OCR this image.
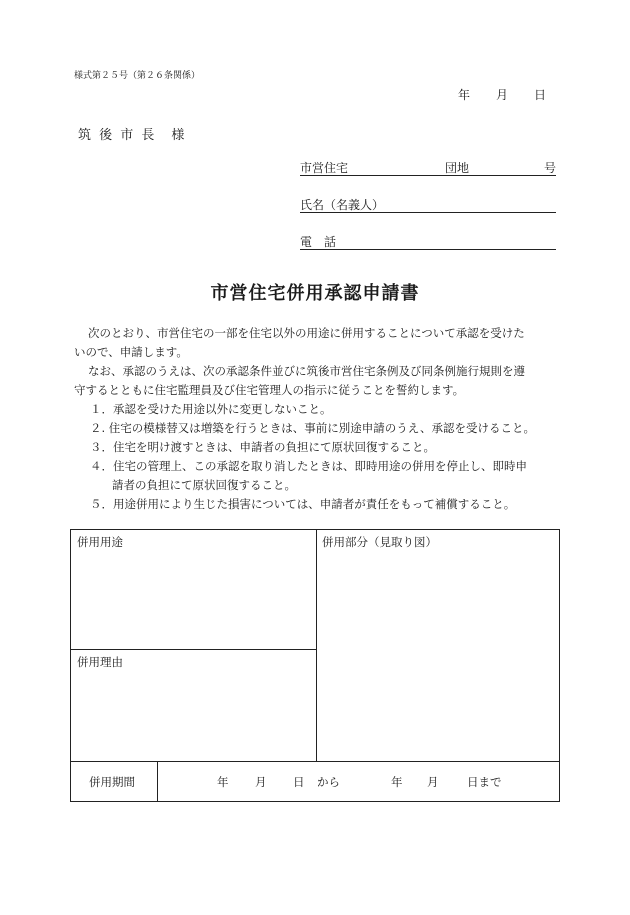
様式第２５号（第２６条関係）
年 月 日
筑 後 市 長　様
市営住宅	団地	号
氏名（名義人）
電　話
市営住宅併用承認申請書
次のとおり、市営住宅の一部を住宅以外の用途に併用することについて承認を受けた
いので、申請します。
なお、承認のうえは、次の承認条件並びに筑後市営住宅条例及び同条例施行規則を遵
守するとともに住宅監理員及び住宅管理人の指示に従うことを誓約します。
１．承認を受けた用途以外に変更しないこと。
２. 住宅の模様替又は増築を行うときは、事前に別途申請のうえ、承認を受けること。
３．住宅を明け渡すときは、申請者の負担にて原状回復すること。
４．住宅の管理上、この承認を取り消したときは、即時用途の併用を停止し、即時申
請者の負担にて原状回復すること。
５．用途併用により生じた損害については、申請者が責任をもって補償すること。
併用用途	併用部分（見取り図）
併用理由
併用期間	年 月 日 から	年 月 日まで
